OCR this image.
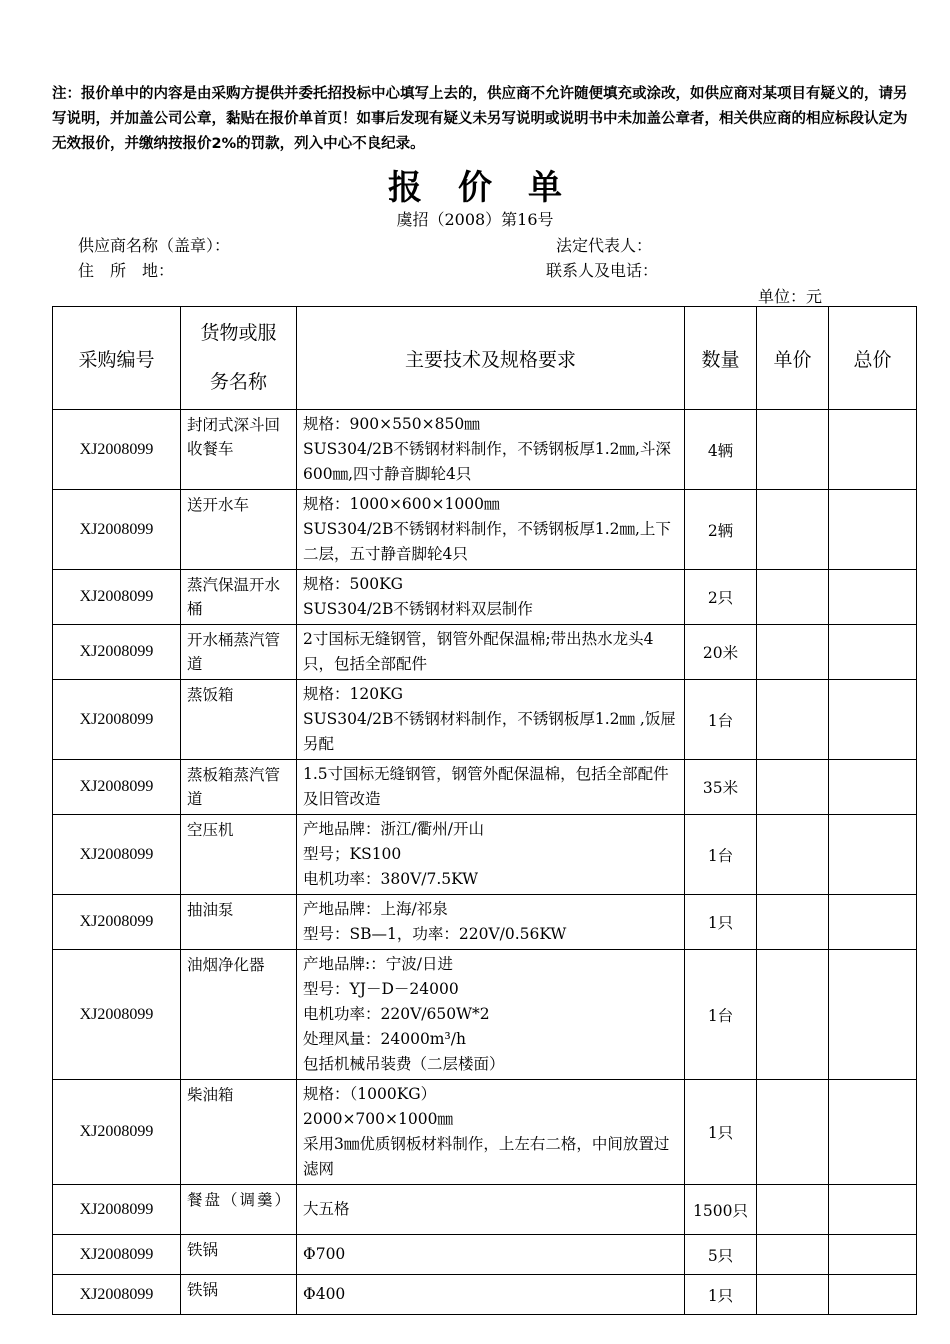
注：报价单中的内容是由采购方提供并委托招投标中心填写上去的，供应商不允许随便填充或涂改，如供应商对某项目有疑义的，请另写说明，并加盖公司公章，黏贴在报价单首页！如事后发现有疑义未另写说明或说明书中未加盖公章者，相关供应商的相应标段认定为无效报价，并缴纳按报价2%的罚款，列入中心不良纪录。
报价单
虞招（2008）第16号
供应商名称（盖章）：	法定代表人：
住　所　地：	联系人及电话：
单位：元
采购编号	货物或服
务名称	主要技术及规格要求	数量	单价	总价
XJ2008099	封闭式深斗回收餐车	规格：900×550×850㎜
SUS304/2B不锈钢材料制作，不锈钢板厚1.2㎜,斗深600㎜,四寸静音脚轮4只	4辆		
XJ2008099	送开水车	规格：1000×600×1000㎜
SUS304/2B不锈钢材料制作，不锈钢板厚1.2㎜,上下二层，五寸静音脚轮4只	2辆		
XJ2008099	蒸汽保温开水桶	规格：500KG
SUS304/2B不锈钢材料双层制作	2只		
XJ2008099	开水桶蒸汽管道	2寸国标无缝钢管，钢管外配保温棉;带出热水龙头4只，包括全部配件	20米		
XJ2008099	蒸饭箱	规格：120KG
SUS304/2B不锈钢材料制作，不锈钢板厚1.2㎜ ,饭屉另配	1台		
XJ2008099	蒸板箱蒸汽管道	1.5寸国标无缝钢管，钢管外配保温棉，包括全部配件及旧管改造	35米		
XJ2008099	空压机	产地品牌：浙江/衢州/开山
型号；KS100
电机功率：380V/7.5KW	1台		
XJ2008099	抽油泵	产地品牌：上海/祁泉
型号：SB—1，功率：220V/0.56KW	1只		
XJ2008099	油烟净化器	产地品牌:：宁波/日进
型号：YJ－D－24000
电机功率：220V/650W*2
处理风量：24000m³/h
包括机械吊装费（二层楼面）	1台		
XJ2008099	柴油箱	规格：（1000KG）
2000×700×1000㎜
采用3㎜优质钢板材料制作，上左右二格，中间放置过滤网	1只		
XJ2008099	餐盘（调羹）	大五格	1500只		
XJ2008099	铁锅	Φ700	5只		
XJ2008099	铁锅	Φ400	1只		
